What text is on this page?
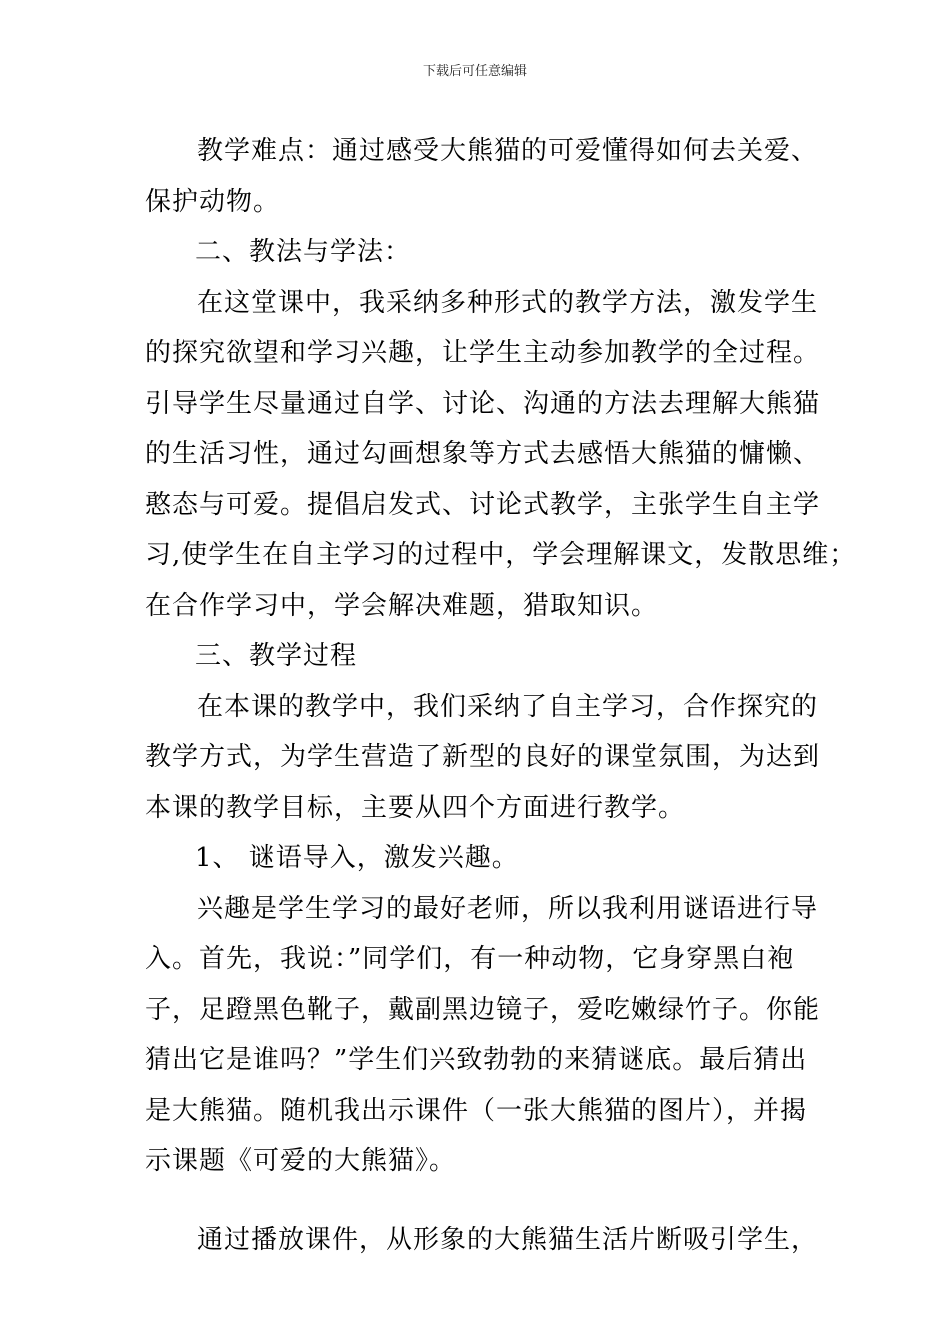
下载后可任意编辑
教学难点：通过感受大熊猫的可爱懂得如何去关爱、
保护动物。
二、教法与学法：
在这堂课中，我采纳多种形式的教学方法，激发学生
的探究欲望和学习兴趣，让学生主动参加教学的全过程。
引导学生尽量通过自学、讨论、沟通的方法去理解大熊猫
的生活习性，通过勾画想象等方式去感悟大熊猫的慵懒、
憨态与可爱。提倡启发式、讨论式教学，主张学生自主学
习,使学生在自主学习的过程中，学会理解课文，发散思维；
在合作学习中，学会解决难题，猎取知识。
三、教学过程
在本课的教学中，我们采纳了自主学习，合作探究的
教学方式，为学生营造了新型的良好的课堂氛围，为达到
本课的教学目标，主要从四个方面进行教学。
1、 谜语导入，激发兴趣。
兴趣是学生学习的最好老师，所以我利用谜语进行导
入。首先，我说：”同学们，有一种动物，它身穿黑白袍
子，足蹬黑色靴子，戴副黑边镜子，爱吃嫩绿竹子。你能
猜出它是谁吗？”学生们兴致勃勃的来猜谜底。最后猜出
是大熊猫。随机我出示课件（一张大熊猫的图片），并揭
示课题《可爱的大熊猫》。
通过播放课件，从形象的大熊猫生活片断吸引学生，
